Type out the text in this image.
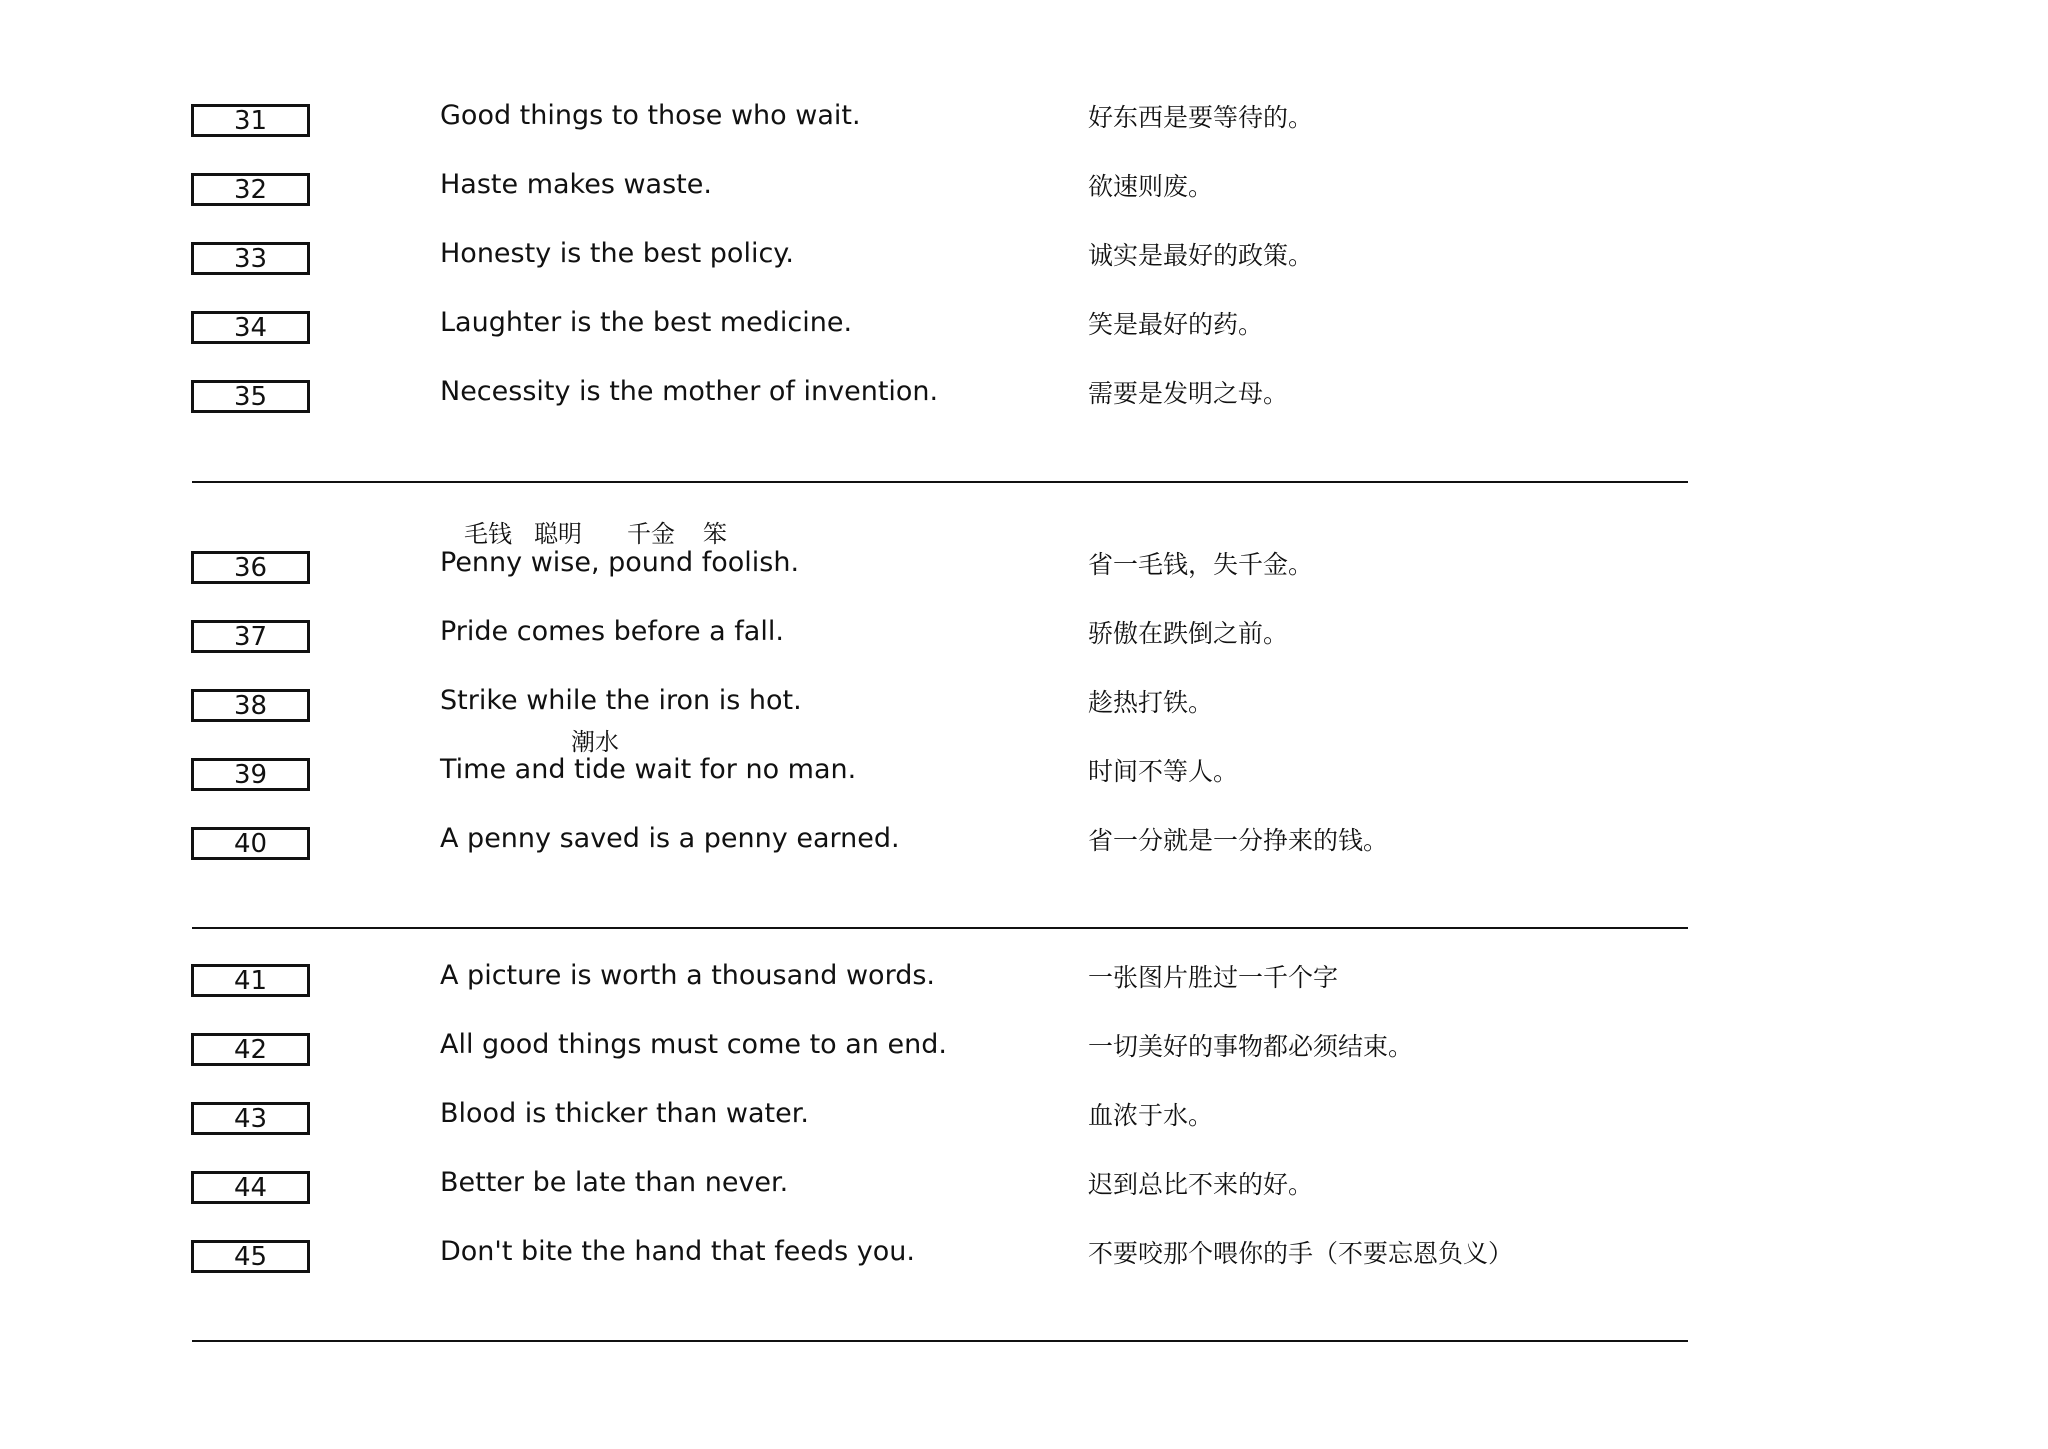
31	Good things to those who wait.	好东西是要等待的。
32	Haste makes waste.	欲速则废。
33	Honesty is the best policy.	诚实是最好的政策。
34	Laughter is the best medicine.	笑是最好的药。
35	Necessity is the mother of invention.	需要是发明之母。
毛钱 聪明 千金 笨
潮水
36	Penny wise, pound foolish.	省一毛钱，失千金。
37	Pride comes before a fall.	骄傲在跌倒之前。
38	Strike while the iron is hot.	趁热打铁。
39	Time and tide wait for no man.	时间不等人。
40	A penny saved is a penny earned.	省一分就是一分挣来的钱。
41	A picture is worth a thousand words.	一张图片胜过一千个字
42	All good things must come to an end.	一切美好的事物都必须结束。
43	Blood is thicker than water.	血浓于水。
44	Better be late than never.	迟到总比不来的好。
45	Don't bite the hand that feeds you.	不要咬那个喂你的手（不要忘恩负义）
